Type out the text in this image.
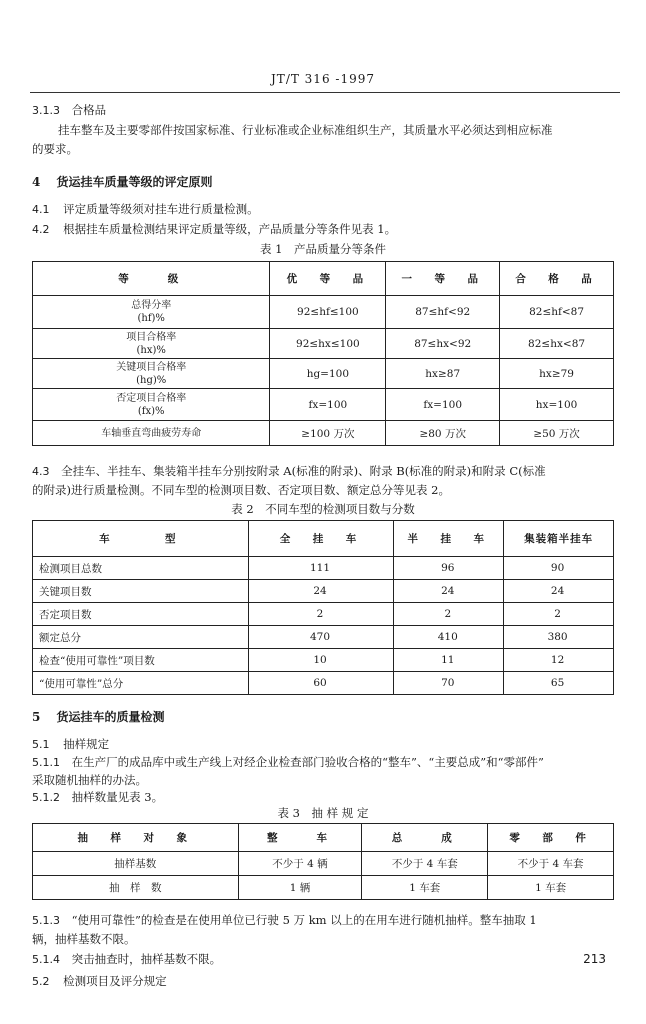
JT/T 316 -1997
3.1.3 合格品
挂车整车及主要零部件按国家标准、行业标准或企业标准组织生产，其质量水平必须达到相应标准
的要求。
4 货运挂车质量等级的评定原则
4.1 评定质量等级须对挂车进行质量检测。
4.2 根据挂车质量检测结果评定质量等级，产品质量分等条件见表 1。
表 1　产品质量分等条件
等　　级	优　等　品	一　等　品	合　格　品

总得分率
(hf)%	92≤hf≤100	87≤hf<92	82≤hf<87

项目合格率
(hx)%	92≤hx≤100	87≤hx<92	82≤hx<87

关键项目合格率
(hg)%	hg=100	hx≥87	hx≥79

否定项目合格率
(fx)%	fx=100	fx=100	hx=100
车轴垂直弯曲疲劳寿命	≥100 万次	≥80 万次	≥50 万次
4.3 全挂车、半挂车、集装箱半挂车分别按附录 A(标准的附录)、附录 B(标准的附录)和附录 C(标准
的附录)进行质量检测。不同车型的检测项目数、否定项目数、额定总分等见表 2。
表 2　不同车型的检测项目数与分数
车　　　型	全　挂　车	半　挂　车	集装箱半挂车
检测项目总数	111	96	90
关键项目数	24	24	24
否定项目数	2	2	2
额定总分	470	410	380
检查“使用可靠性”项目数	10	11	12
“使用可靠性”总分	60	70	65
5 货运挂车的质量检测
5.1 抽样规定
5.1.1 在生产厂的成品库中或生产线上对经企业检查部门验收合格的“整车”、“主要总成”和“零部件”
采取随机抽样的办法。
5.1.2 抽样数量见表 3。
表 3　抽 样 规 定
抽　样　对　象	整　　车	总　　成	零　部　件
抽样基数	不少于 4 辆	不少于 4 车套	不少于 4 车套
抽　样　数	1 辆	1 车套	1 车套
5.1.3 “使用可靠性”的检查是在使用单位已行驶 5 万 km 以上的在用车进行随机抽样。整车抽取 1
辆，抽样基数不限。
5.1.4 突击抽查时，抽样基数不限。	213
5.2 检测项目及评分规定
